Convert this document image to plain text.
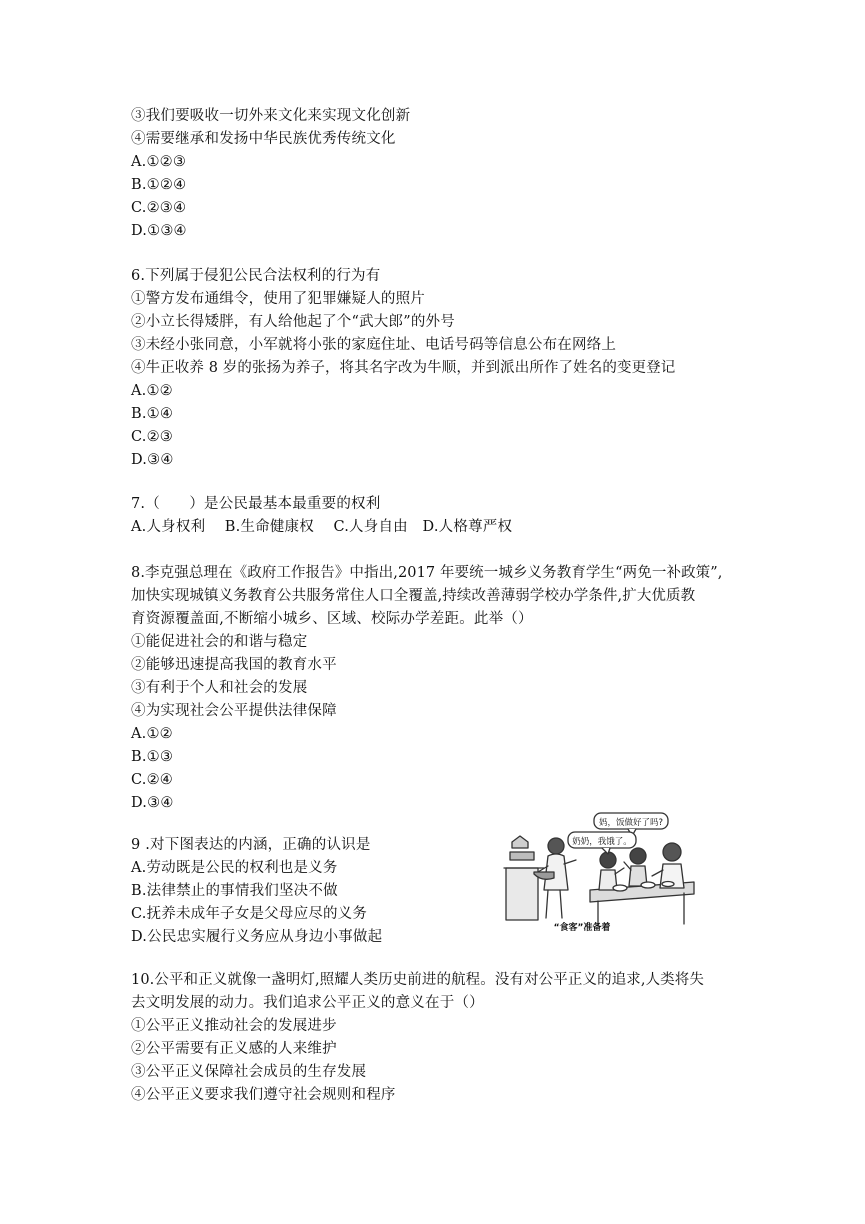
③我们要吸收一切外来文化来实现文化创新
④需要继承和发扬中华民族优秀传统文化
A.①②③
B.①②④
C.②③④
D.①③④
6.下列属于侵犯公民合法权利的行为有
①警方发布通缉令，使用了犯罪嫌疑人的照片
②小立长得矮胖，有人给他起了个“武大郎”的外号
③未经小张同意，小军就将小张的家庭住址、电话号码等信息公布在网络上
④牛正收养 8 岁的张扬为养子，将其名字改为牛顺，并到派出所作了姓名的变更登记
A.①②
B.①④
C.②③
D.③④
7.（　　）是公民最基本最重要的权利
A.人身权利　 B.生命健康权　 C.人身自由　D.人格尊严权
8.李克强总理在《政府工作报告》中指出,2017 年要统一城乡义务教育学生“两免一补政策”,
加快实现城镇义务教育公共服务常住人口全覆盖,持续改善薄弱学校办学条件,扩大优质教
育资源覆盖面,不断缩小城乡、区域、校际办学差距。此举（）
①能促进社会的和谐与稳定
②能够迅速提高我国的教育水平
③有利于个人和社会的发展
④为实现社会公平提供法律保障
A.①②
B.①③
C.②④
D.③④
9 .对下图表达的内涵，正确的认识是
A.劳动既是公民的权利也是义务
B.法律禁止的事情我们坚决不做
C.抚养未成年子女是父母应尽的义务
D.公民忠实履行义务应从身边小事做起
妈，饭做好了吗?
奶奶，我饿了。
“食客”准备着
10.公平和正义就像一盏明灯,照耀人类历史前进的航程。没有对公平正义的追求,人类将失
去文明发展的动力。我们追求公平正义的意义在于（）
①公平正义推动社会的发展进步
②公平需要有正义感的人来维护
③公平正义保障社会成员的生存发展
④公平正义要求我们遵守社会规则和程序
